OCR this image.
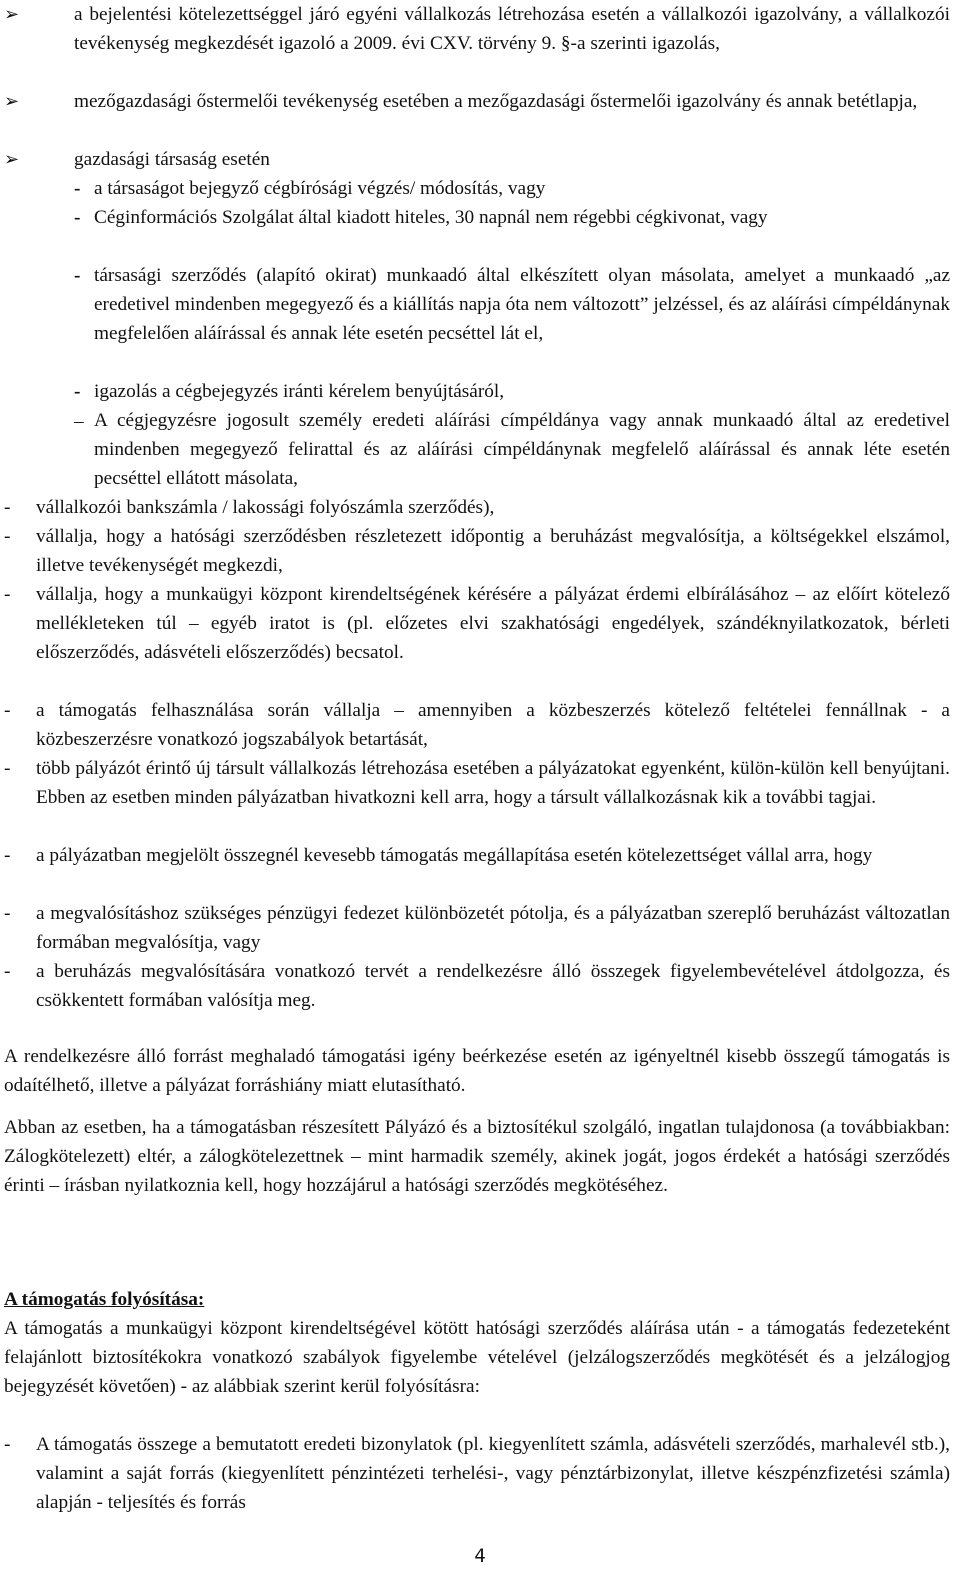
➢	a bejelentési kötelezettséggel járó egyéni vállalkozás létrehozása esetén a vállalkozói igazolvány, a vállalkozói tevékenység megkezdését igazoló a 2009. évi CXV. törvény 9. §-a szerinti igazolás,
➢	mezőgazdasági őstermelői tevékenység esetében a mezőgazdasági őstermelői igazolvány és annak betétlapja,
➢	gazdasági társaság esetén
- a társaságot bejegyző cégbírósági végzés/ módosítás, vagy
- Céginformációs Szolgálat által kiadott hiteles, 30 napnál nem régebbi cégkivonat, vagy
- társasági szerződés (alapító okirat) munkaadó által elkészített olyan másolata, amelyet a munkaadó „az eredetivel mindenben megegyező és a kiállítás napja óta nem változott” jelzéssel, és az aláírási címpéldánynak megfelelően aláírással és annak léte esetén pecséttel lát el,
- igazolás a cégbejegyzés iránti kérelem benyújtásáról,
– A cégjegyzésre jogosult személy eredeti aláírási címpéldánya vagy annak munkaadó által az eredetivel mindenben megegyező felirattal és az aláírási címpéldánynak megfelelő aláírással és annak léte esetén pecséttel ellátott másolata,
- vállalkozói bankszámla / lakossági folyószámla szerződés),
- vállalja, hogy a hatósági szerződésben részletezett időpontig a beruházást megvalósítja, a költségekkel elszámol, illetve tevékenységét megkezdi,
- vállalja, hogy a munkaügyi központ kirendeltségének kérésére a pályázat érdemi elbírálásához – az előírt kötelező mellékleteken túl – egyéb iratot is (pl. előzetes elvi szakhatósági engedélyek, szándéknyilatkozatok, bérleti előszerződés, adásvételi előszerződés) becsatol.
- a támogatás felhasználása során vállalja – amennyiben a közbeszerzés kötelező feltételei fennállnak - a közbeszerzésre vonatkozó jogszabályok betartását,
- több pályázót érintő új társult vállalkozás létrehozása esetében a pályázatokat egyenként, külön-külön kell benyújtani. Ebben az esetben minden pályázatban hivatkozni kell arra, hogy a társult vállalkozásnak kik a további tagjai.
- a pályázatban megjelölt összegnél kevesebb támogatás megállapítása esetén kötelezettséget vállal arra, hogy
- a megvalósításhoz szükséges pénzügyi fedezet különbözetét pótolja, és a pályázatban szereplő beruházást változatlan formában megvalósítja, vagy
- a beruházás megvalósítására vonatkozó tervét a rendelkezésre álló összegek figyelembevételével átdolgozza, és csökkentett formában valósítja meg.
A rendelkezésre álló forrást meghaladó támogatási igény beérkezése esetén az igényeltnél kisebb összegű támogatás is odaítélhető, illetve a pályázat forráshiány miatt elutasítható.
Abban az esetben, ha a támogatásban részesített Pályázó és a biztosítékul szolgáló, ingatlan tulajdonosa (a továbbiakban: Zálogkötelezett) eltér, a zálogkötelezettnek – mint harmadik személy, akinek jogát, jogos érdekét a hatósági szerződés érinti – írásban nyilatkoznia kell, hogy hozzájárul a hatósági szerződés megkötéséhez.
A támogatás folyósítása:
A támogatás a munkaügyi központ kirendeltségével kötött hatósági szerződés aláírása után - a támogatás fedezeteként felajánlott biztosítékokra vonatkozó szabályok figyelembe vételével (jelzálogszerződés megkötését és a jelzálogjog bejegyzését követően) - az alábbiak szerint kerül folyósításra:
- A támogatás összege a bemutatott eredeti bizonylatok (pl. kiegyenlített számla, adásvételi szerződés, marhalevél stb.), valamint a saját forrás (kiegyenlített pénzintézeti terhelési-, vagy pénztárbizonylat, illetve készpénzfizetési számla) alapján - teljesítés és forrás
4
